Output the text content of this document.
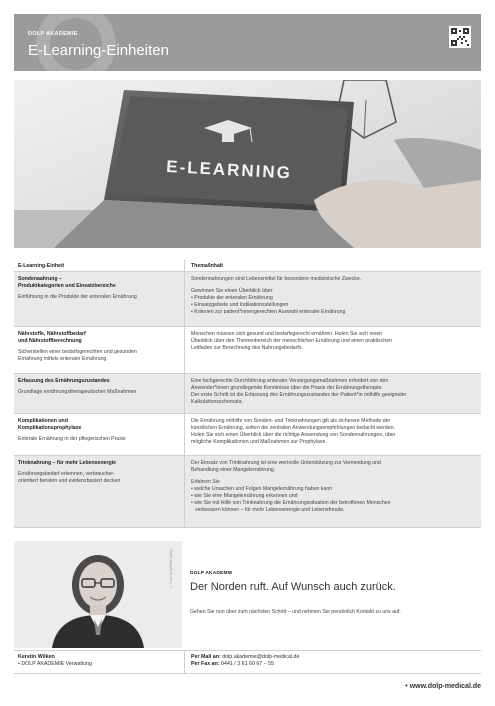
DOLP AKADEMIE
E-Learning-Einheiten
E-LEARNING
E-Learning-Einheit	Thema/Inhalt
Sondenaahrung –
Produktkategorien und Einsatzbereiche
Einführung in die Produkte der enteralen Ernährung

Sondennahrungen sind Lebensmittel für besondere medizinische Zwecke.

Gewinnen Sie einen Überblick über:

• Produkte der enteralen Ernährung

• Einsatzgebiete und Indikationsstellungen

• Kriterien zur patient*innengerechten Auswahl enteraler Ernährung

Nährstoffe, Nährstoffbedarf
und Nährstoffberechnung
Sicherstellen einer bedarfsgerechten und gesunden
Ernährung mittels enteraler Ernährung

Menschen müssen sich gesund und bedarfsgerecht ernähren. Holen Sie sich einen

Überblick über den Themenbereich der menschlichen Ernährung und einen praktischen

Leitfaden zur Berechnung des Nahrungsbedarfs.

Erfassung des Ernährungszustandes
Grundlage ernährungstherapeutischer Maßnahmen

Eine fachgerechte Durchführung enteraler Versorgungsmaßnahmen erfordert von den

Anwender*innen grundlegende Kenntnisse über die Praxis der Ernährungstherapie.

Der erste Schritt ist die Erfassung des Ernährungszustandes der Patient*in mithilfe geeigneter

Kalkulationsschemata.

Komplikationen und
Komplikationsprophylaxe
Enterale Ernährung in der pflegerischen Praxis

Die Ernährung mithilfe von Sonden- und Trinknahrungen gilt als sicherere Methode der

künstlichen Ernährung, sofern die zentralen Anwendungsempfehlungen bedacht werden.

Holen Sie sich einen Überblick über die richtige Anwendung von Sondennahrungen, über

mögliche Komplikationen und Maßnahmen zur Prophylaxe.

Trinknahrung – für mehr Lebensenergie
Ernährungsbedarf erkennen, verbraucher-
orientiert beraten und evidenzbasiert decken

Der Einsatz von Trinknahrung ist eine wertvolle Unterstützung zur Vermeidung und

Behandlung einer Mangelernährung.

Erfahren Sie

• welche Ursachen und Folgen Mangelernährung haben kann

• wie Sie eine Mangelernährung erkennen und

• wie Sie mit Hilfe von Trinknahrung die Ernährungssituation der betroffenen Menschen

verbessern können – für mehr Lebensenergie und Lebensfreude.

© Foto: dolp/Wilke.media	DOLP AKADEMIE
Der Norden ruft. Auf Wunsch auch zurück.
Gehen Sie nun über zum nächsten Schritt – und nehmen Sie persönlich Kontakt zu uns auf.
Kerstin Wilken
• DOLP AKADEMIE Verwaltung
Per Mail an: dolp.akademie@dolp-medical.de
Per Fax an: 0441 / 3 61 60 67 – 55
• www.dolp-medical.de
